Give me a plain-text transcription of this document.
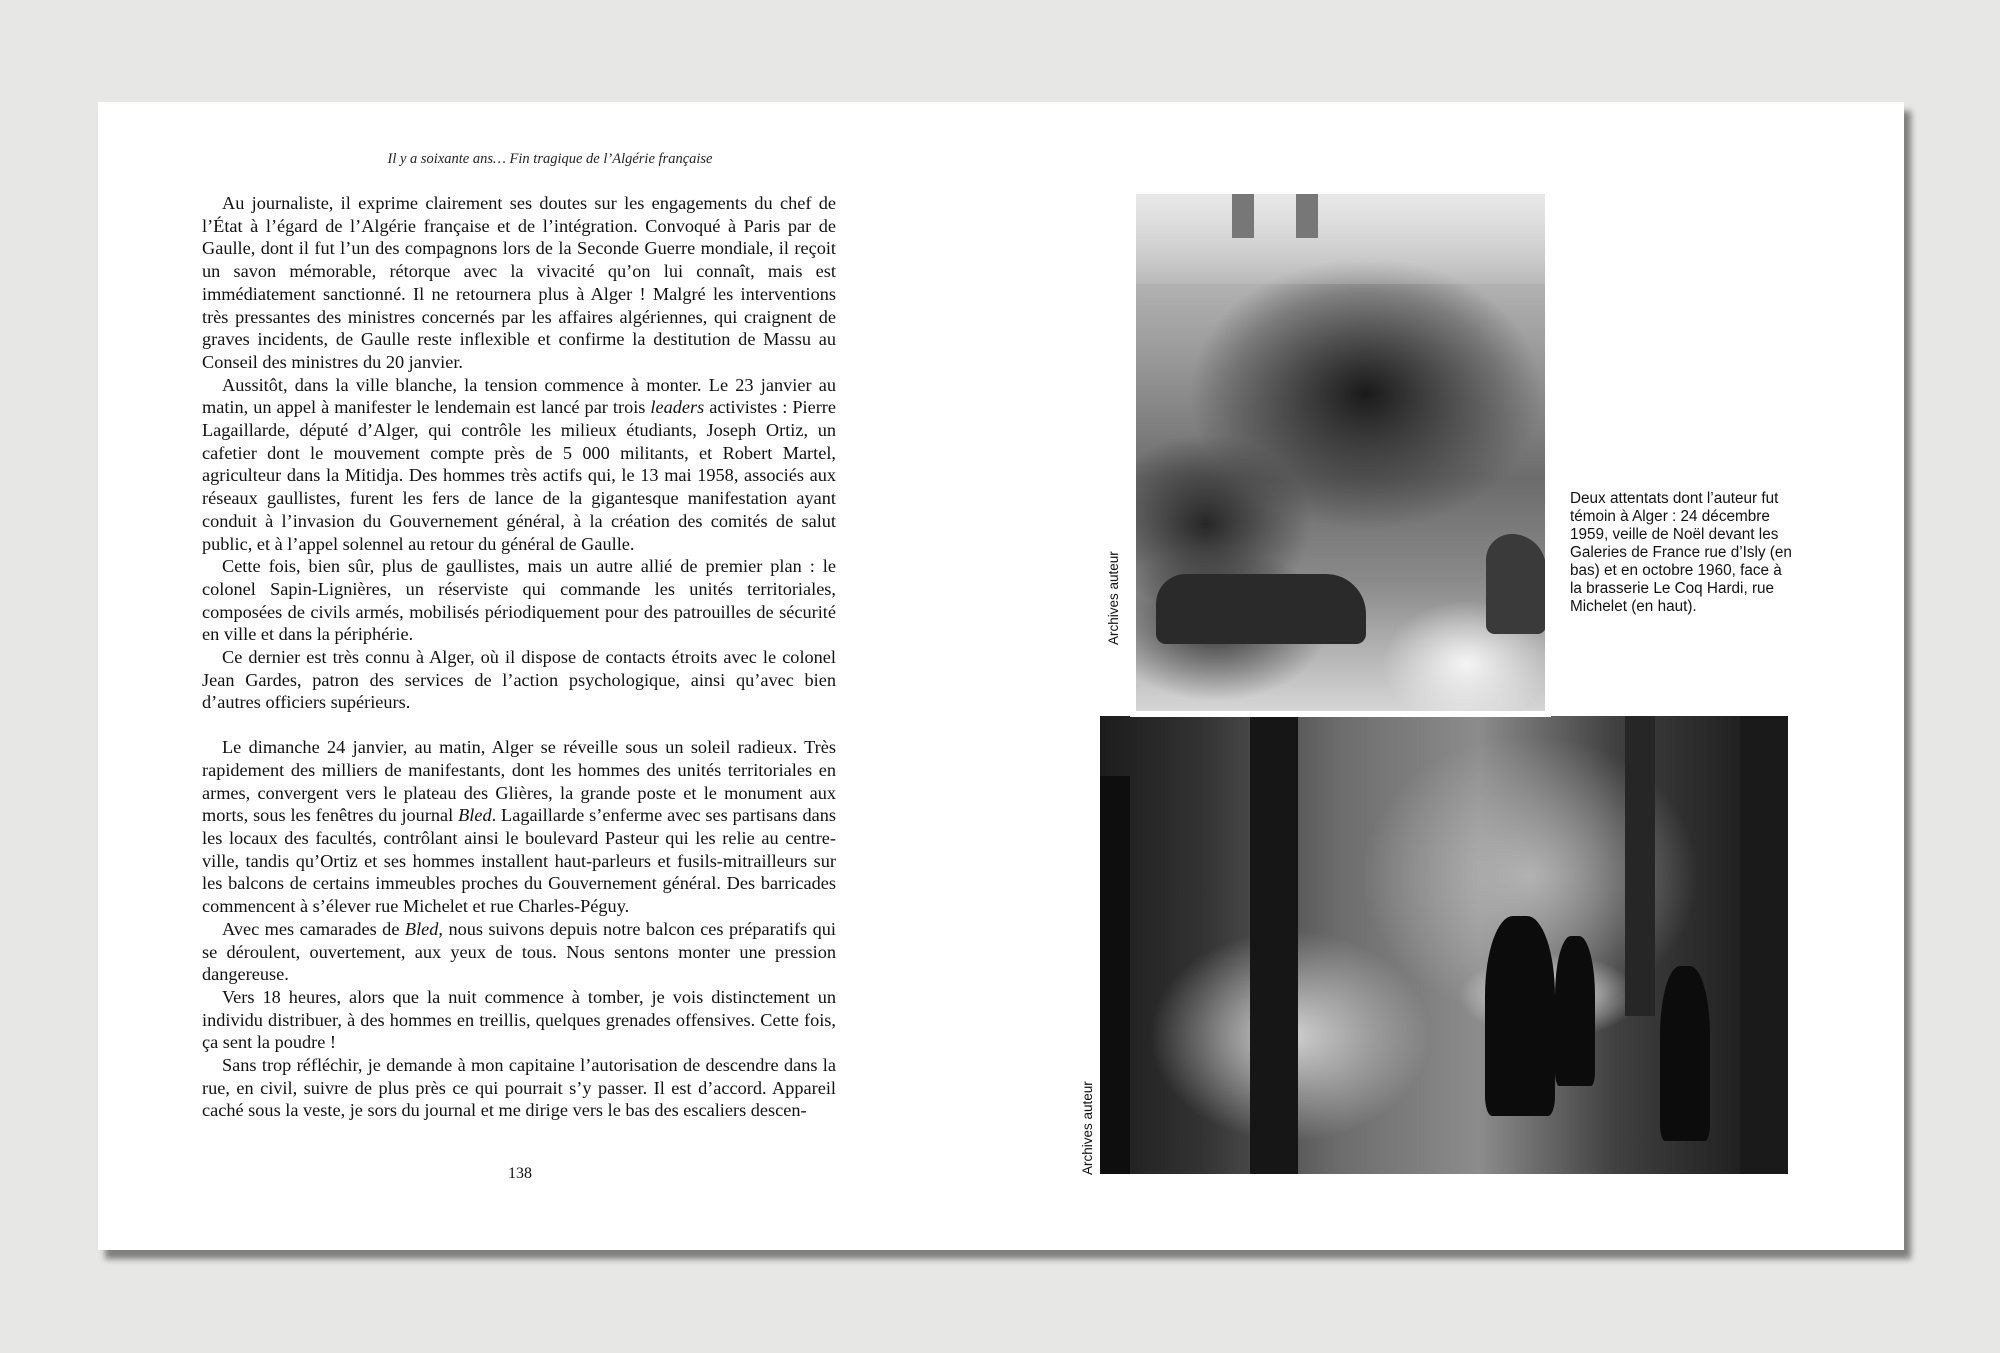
Il y a soixante ans… Fin tragique de l’Algérie française

Au journaliste, il exprime clairement ses doutes sur les engagements du chef de l’État à l’égard de l’Algérie française et de l’intégration. Convoqué à Paris par de Gaulle, dont il fut l’un des compagnons lors de la Seconde Guerre mondiale, il reçoit un savon mémorable, rétorque avec la vivacité qu’on lui connaît, mais est immédiatement sanctionné. Il ne retournera plus à Alger ! Malgré les interventions très pressantes des ministres concernés par les affaires algériennes, qui craignent de graves incidents, de Gaulle reste inflexible et confirme la destitution de Massu au Conseil des ministres du 20 janvier.

Aussitôt, dans la ville blanche, la tension commence à monter. Le 23 janvier au matin, un appel à manifester le lendemain est lancé par trois leaders activistes : Pierre Lagaillarde, député d’Alger, qui contrôle les milieux étudiants, Joseph Ortiz, un cafetier dont le mouvement compte près de 5 000 militants, et Robert Martel, agriculteur dans la Mitidja. Des hommes très actifs qui, le 13 mai 1958, associés aux réseaux gaullistes, furent les fers de lance de la gigantesque manifestation ayant conduit à l’invasion du Gouvernement général, à la création des comités de salut public, et à l’appel solennel au retour du général de Gaulle.

Cette fois, bien sûr, plus de gaullistes, mais un autre allié de premier plan : le colonel Sapin-Lignières, un réserviste qui commande les unités territoriales, composées de civils armés, mobilisés périodiquement pour des patrouilles de sécurité en ville et dans la périphérie.

Ce dernier est très connu à Alger, où il dispose de contacts étroits avec le colonel Jean Gardes, patron des services de l’action psychologique, ainsi qu’avec bien d’autres officiers supérieurs.

Le dimanche 24 janvier, au matin, Alger se réveille sous un soleil radieux. Très rapidement des milliers de manifestants, dont les hommes des unités territoriales en armes, convergent vers le plateau des Glières, la grande poste et le monument aux morts, sous les fenêtres du journal Bled. Lagaillarde s’enferme avec ses partisans dans les locaux des facultés, contrôlant ainsi le boulevard Pasteur qui les relie au centre-ville, tandis qu’Ortiz et ses hommes installent haut-parleurs et fusils-mitrailleurs sur les balcons de certains immeubles proches du Gouvernement général. Des barricades commencent à s’élever rue Michelet et rue Charles-Péguy.

Avec mes camarades de Bled, nous suivons depuis notre balcon ces préparatifs qui se déroulent, ouvertement, aux yeux de tous. Nous sentons monter une pression dangereuse.

Vers 18 heures, alors que la nuit commence à tomber, je vois distinctement un individu distribuer, à des hommes en treillis, quelques grenades offensives. Cette fois, ça sent la poudre !

Sans trop réfléchir, je demande à mon capitaine l’autorisation de descendre dans la rue, en civil, suivre de plus près ce qui pourrait s’y passer. Il est d’accord. Appareil caché sous la veste, je sors du journal et me dirige vers le bas des escaliers descen-

138
Archives auteur
Archives auteur
Deux attentats dont l’auteur fut témoin à Alger : 24 décembre 1959, veille de Noël devant les Galeries de France rue d’Isly (en bas) et en octobre 1960, face à la brasserie Le Coq Hardi, rue Michelet (en haut).
